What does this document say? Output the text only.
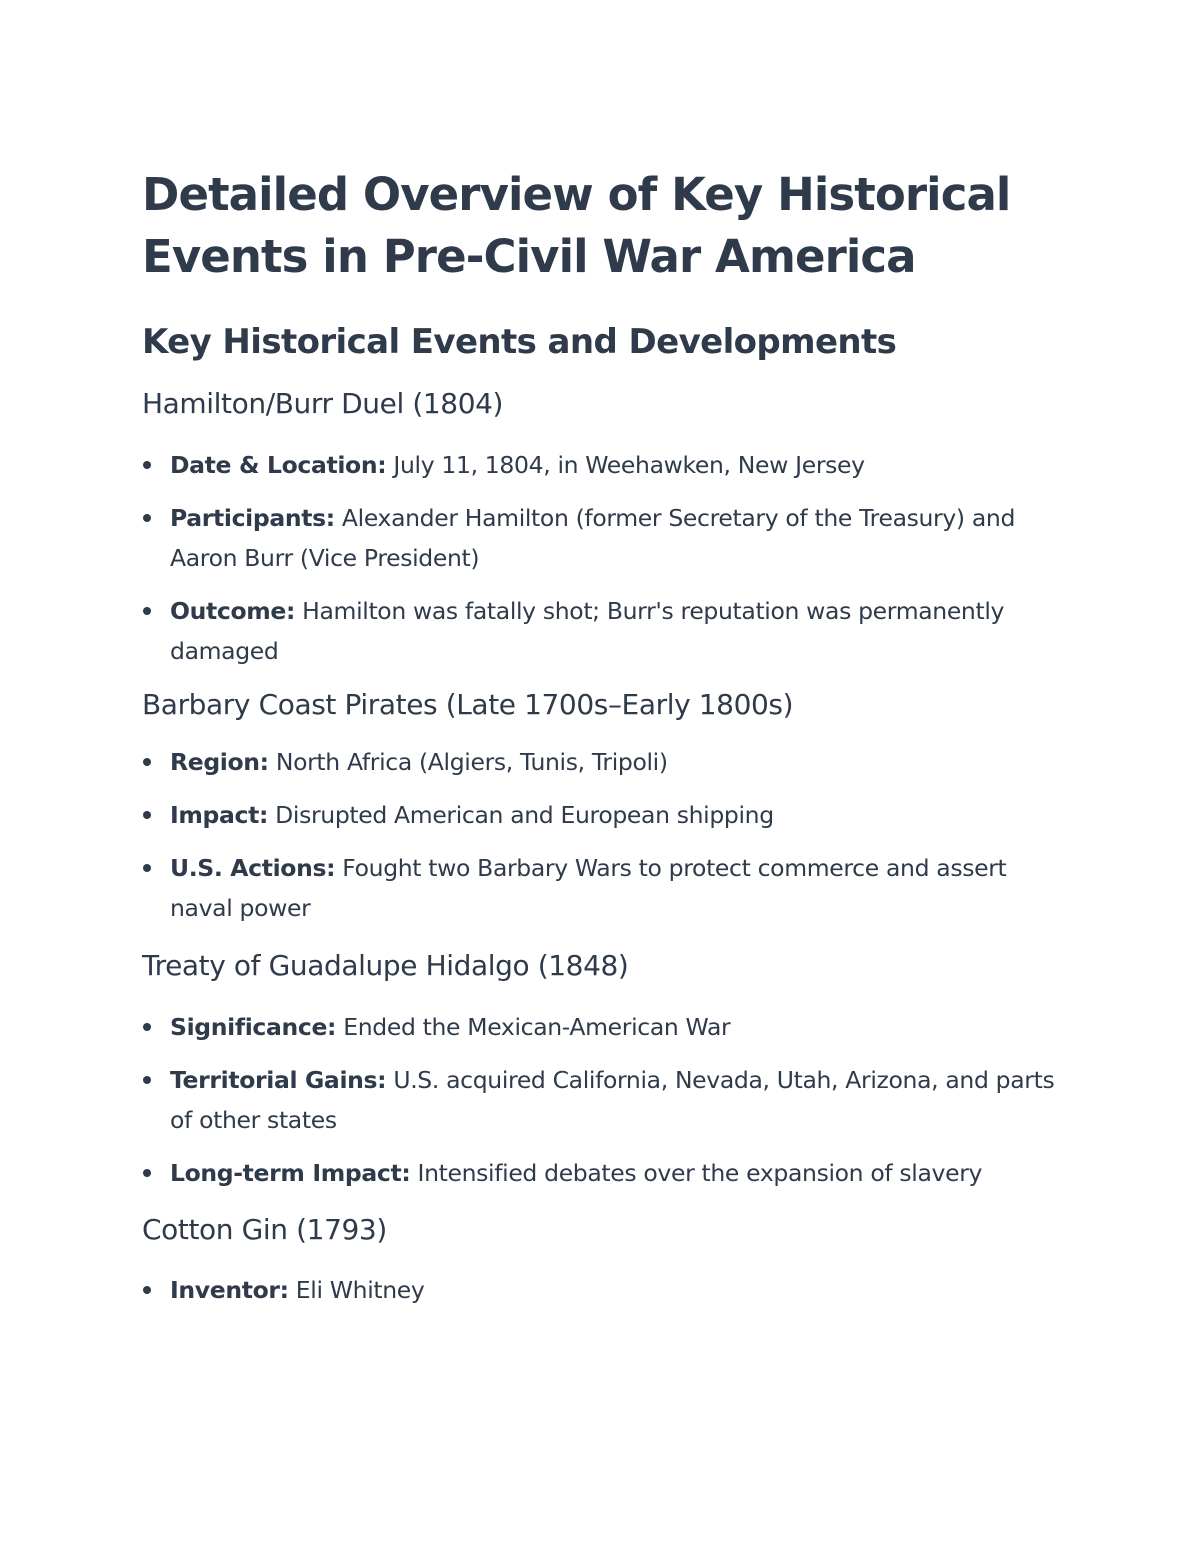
Detailed Overview of Key Historical Events in Pre-Civil War America
Key Historical Events and Developments
Hamilton/Burr Duel (1804)
Date & Location: July 11, 1804, in Weehawken, New Jersey
Participants: Alexander Hamilton (former Secretary of the Treasury) and Aaron Burr (Vice President)
Outcome: Hamilton was fatally shot; Burr's reputation was permanently damaged
Barbary Coast Pirates (Late 1700s–Early 1800s)
Region: North Africa (Algiers, Tunis, Tripoli)
Impact: Disrupted American and European shipping
U.S. Actions: Fought two Barbary Wars to protect commerce and assert naval power
Treaty of Guadalupe Hidalgo (1848)
Significance: Ended the Mexican-American War
Territorial Gains: U.S. acquired California, Nevada, Utah, Arizona, and parts of other states
Long-term Impact: Intensified debates over the expansion of slavery
Cotton Gin (1793)
Inventor: Eli Whitney
